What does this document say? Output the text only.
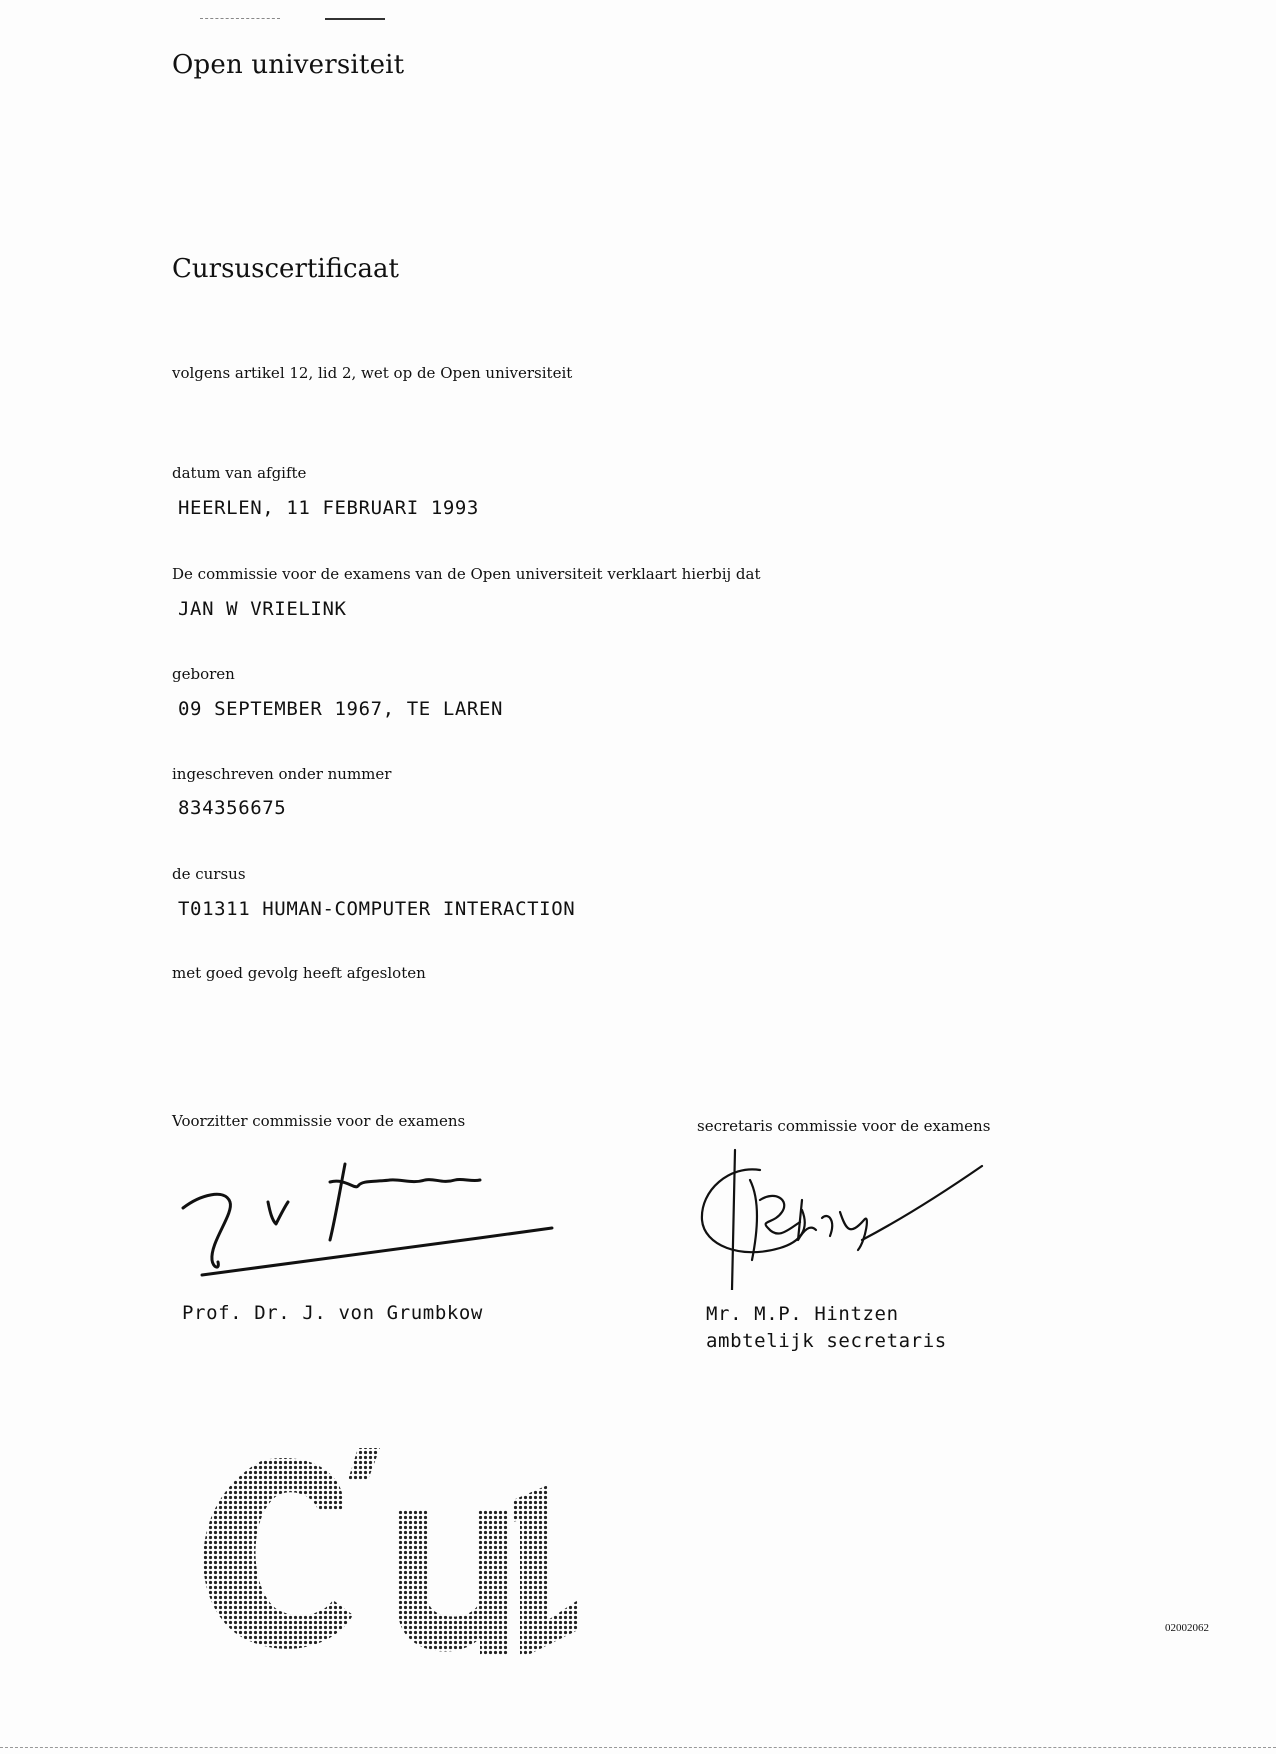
Open universiteit
Cursuscertificaat
volgens artikel 12, lid 2, wet op de Open universiteit
datum van afgifte
HEERLEN, 11 FEBRUARI 1993
De commissie voor de examens van de Open universiteit verklaart hierbij dat
JAN W VRIELINK
geboren
09 SEPTEMBER 1967, TE LAREN
ingeschreven onder nummer
834356675
de cursus
T01311 HUMAN-COMPUTER INTERACTION
met goed gevolg heeft afgesloten
Voorzitter commissie voor de examens	secretaris commissie voor de examens
Prof. Dr. J. von Grumbkow	Mr. M.P. Hintzen
ambtelijk secretaris
02002062
